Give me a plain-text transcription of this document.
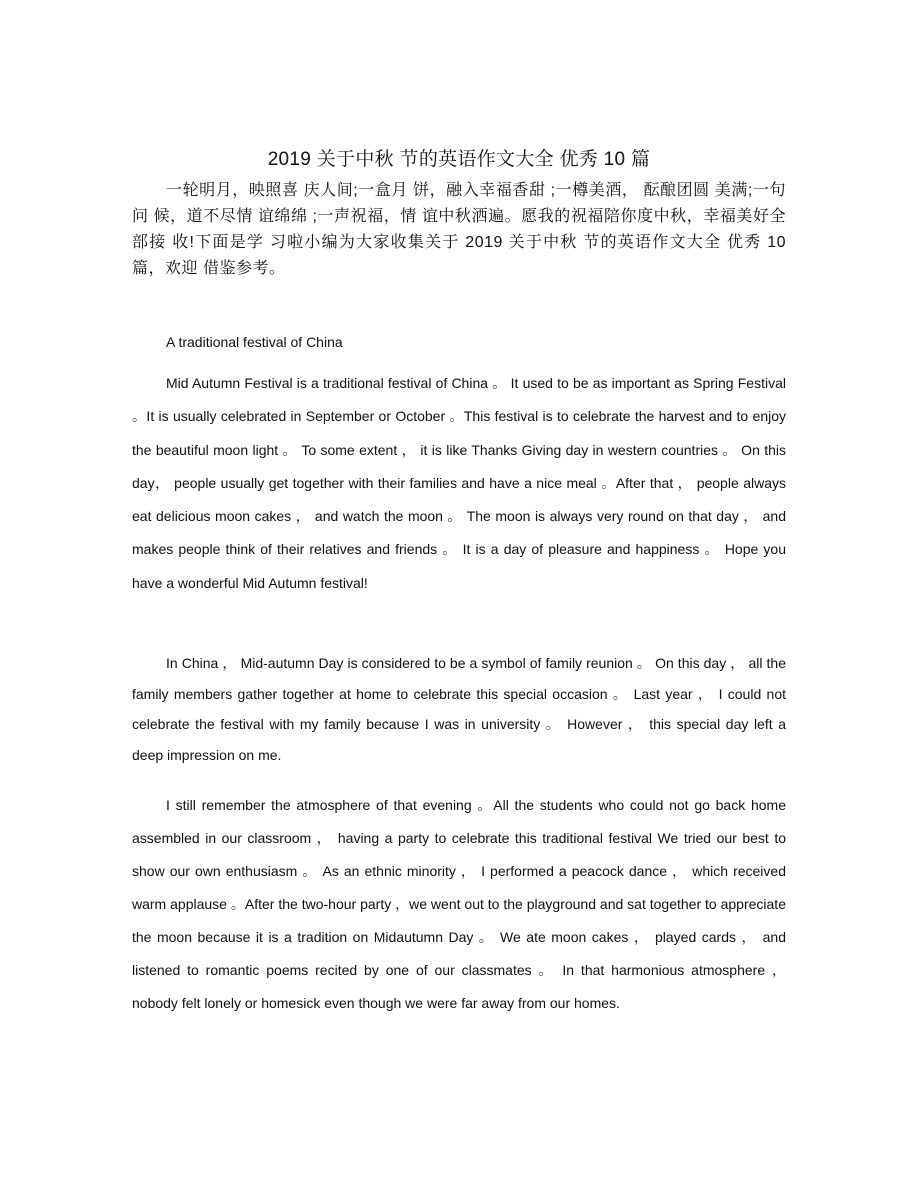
2019 关于中秋 节的英语作文大全 优秀 10 篇
一轮明月，映照喜 庆人间;一盒月 饼，融入幸福香甜 ;一樽美酒， 酝酿团圆 美满;一句 问 候，道不尽情 谊绵绵 ;一声祝福，情 谊中秋洒遍。愿我的祝福陪你度中秋，幸福美好全部接 收!下面是学 习啦小编为大家收集关于 2019 关于中秋 节的英语作文大全 优秀 10 篇，欢迎 借鉴参考。
A traditional festival of China
Mid Autumn Festival is a traditional festival of China 。 It used to be as important as Spring Festival 。It is usually celebrated in September or October 。This festival is to celebrate the harvest and to enjoy the beautiful moon light 。 To some extent ， it is like Thanks Giving day in western countries 。 On this day， people usually get together with their families and have a nice meal 。After that ， people always eat delicious moon cakes ， and watch the moon 。 The moon is always very round on that day ， and makes people think of their relatives and friends 。 It is a day of pleasure and happiness 。 Hope you have a wonderful Mid Autumn festival!
In China ， Mid-autumn Day is considered to be a symbol of family reunion 。 On this day ， all the family members gather together at home to celebrate this special occasion 。 Last year ， I could not celebrate the festival with my family because I was in university 。 However ， this special day left a deep impression on me.
I still remember the atmosphere of that evening 。All the students who could not go back home assembled in our classroom ， having a party to celebrate this traditional festival We tried our best to show our own enthusiasm 。 As an ethnic minority ， I performed a peacock dance ， which received warm applause 。After the two-hour party ，we went out to the playground and sat together to appreciate the moon because it is a tradition on Midautumn Day 。 We ate moon cakes ， played cards ， and listened to romantic poems recited by one of our classmates 。 In that harmonious atmosphere ， nobody felt lonely or homesick even though we were far away from our homes.
